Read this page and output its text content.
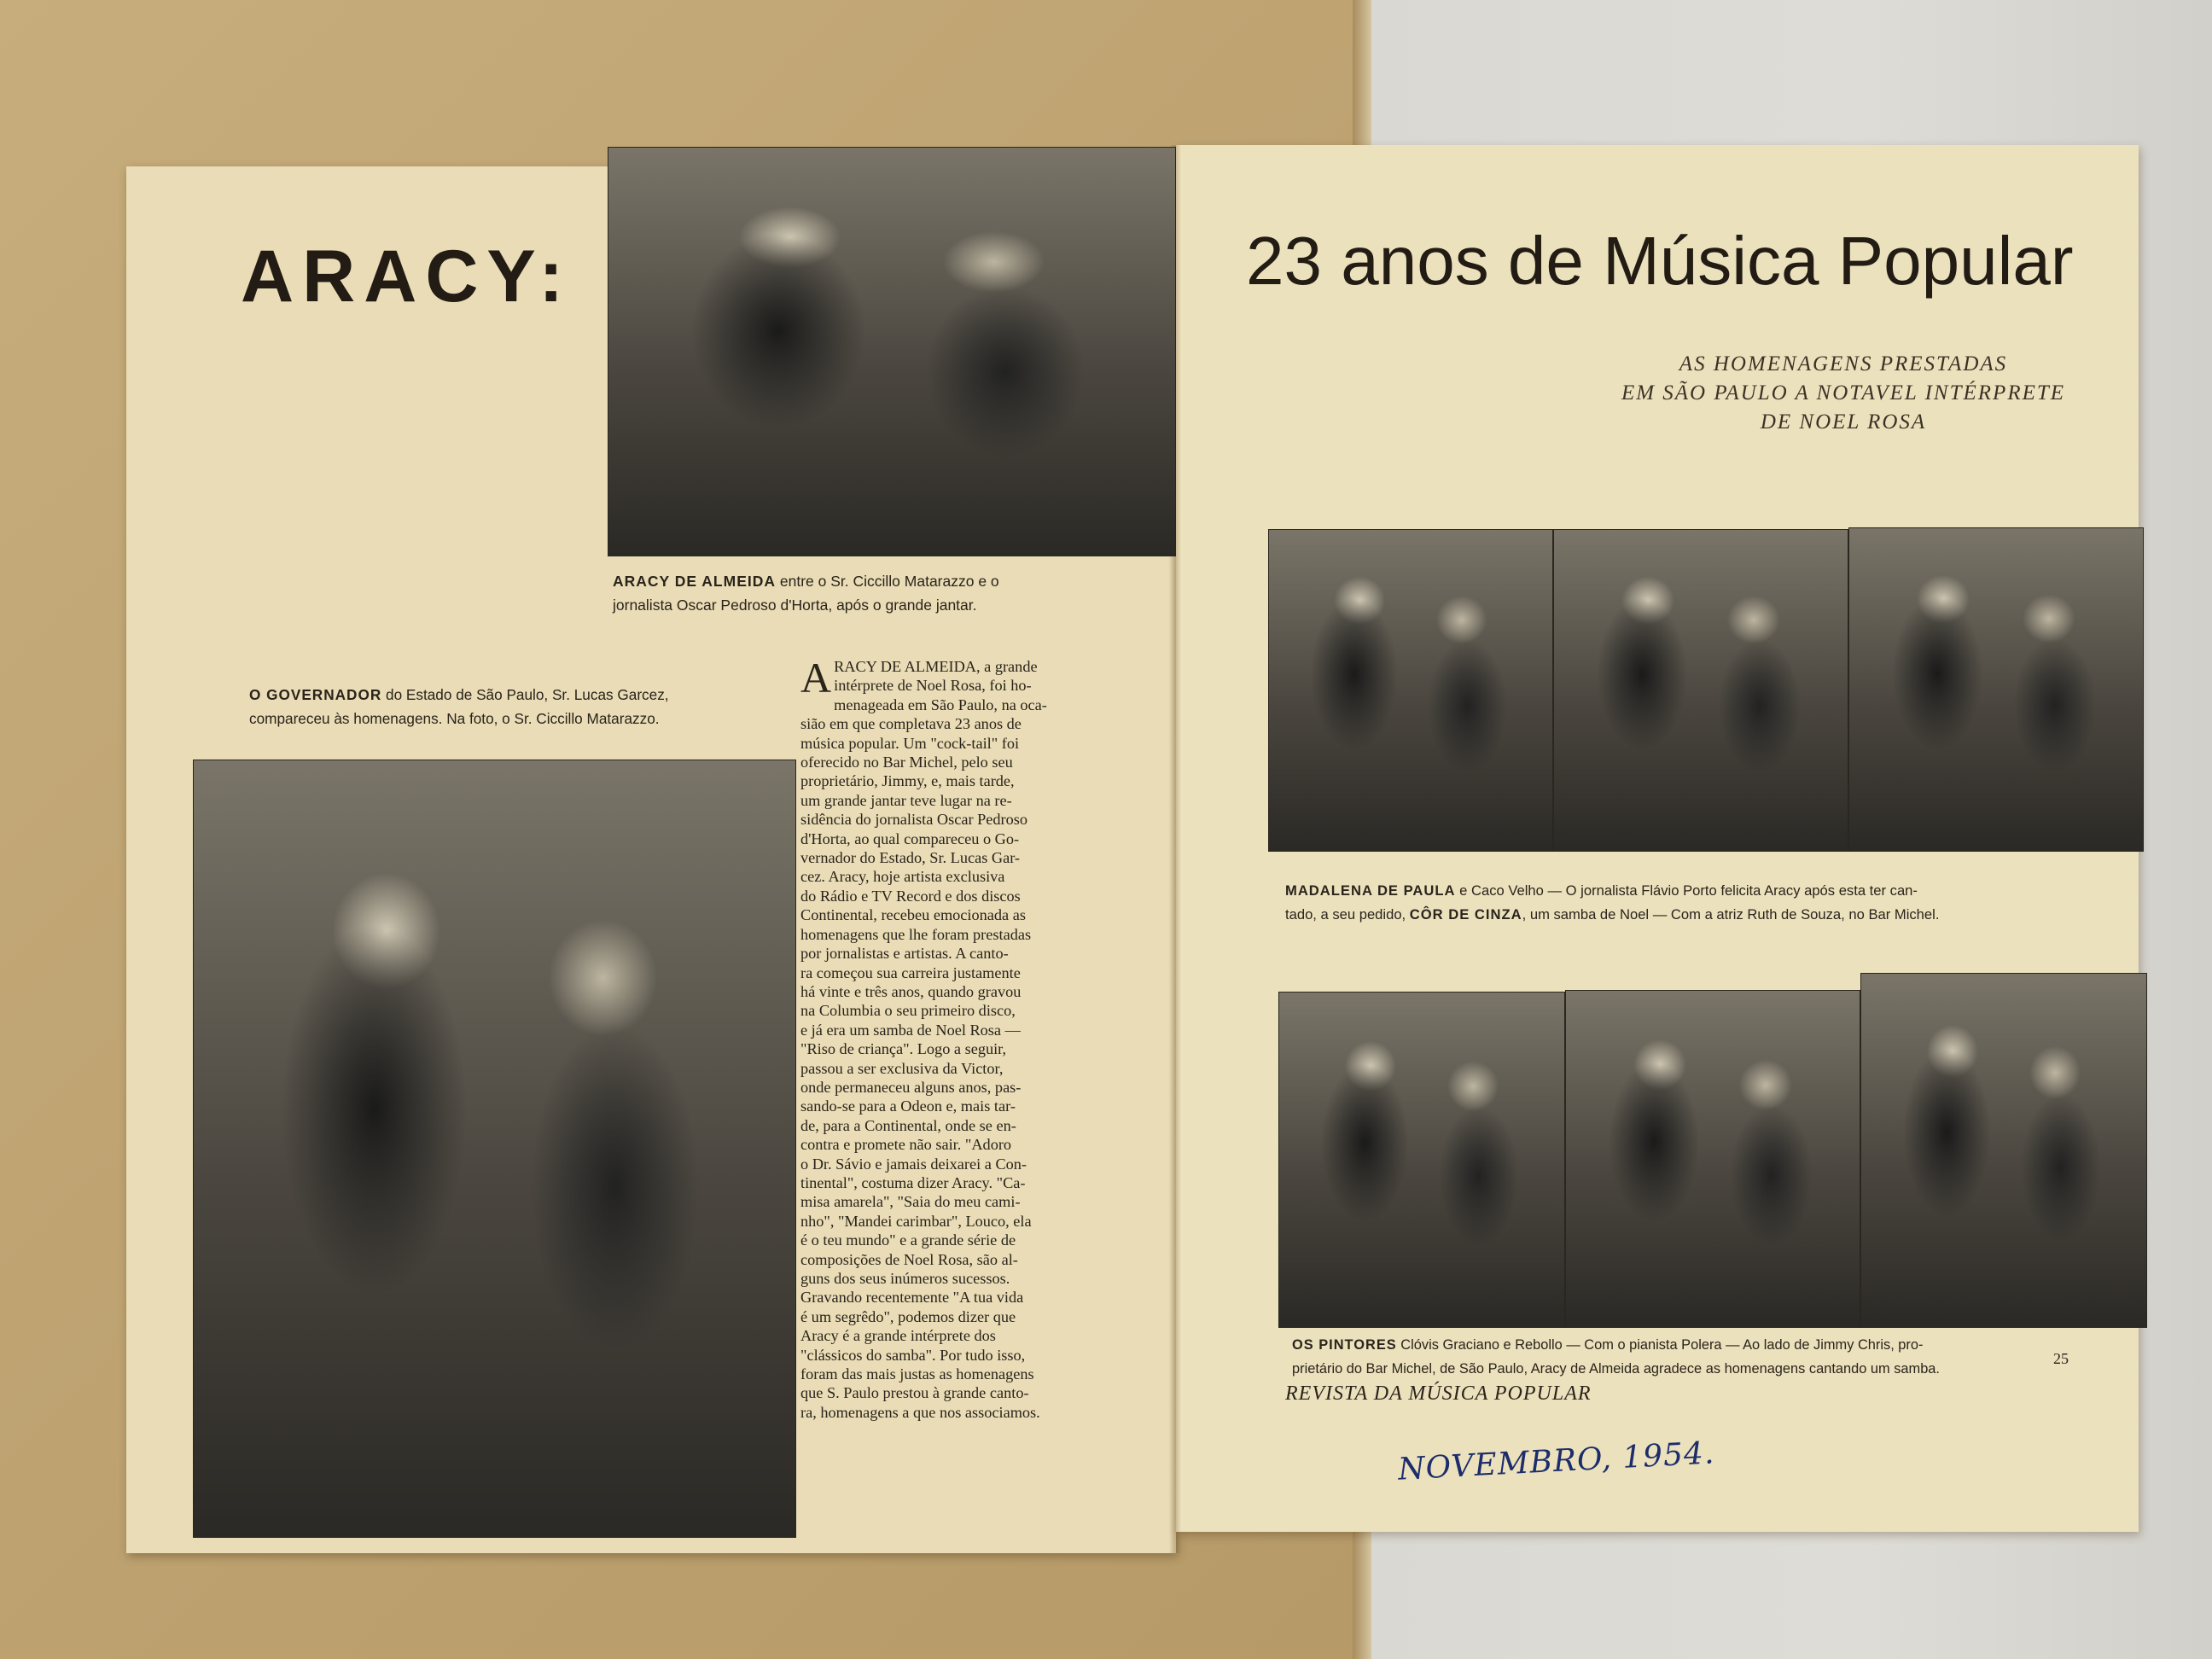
ARACY:	23 anos de Música Popular
AS HOMENAGENS PRESTADAS
EM SÃO PAULO A NOTAVEL INTÉRPRETE
DE NOEL ROSA
ARACY DE ALMEIDA entre o Sr. Ciccillo Matarazzo e o
jornalista Oscar Pedroso d'Horta, após o grande jantar.
O GOVERNADOR do Estado de São Paulo, Sr. Lucas Garcez,
compareceu às homenagens. Na foto, o Sr. Ciccillo Matarazzo.
MADALENA DE PAULA e Caco Velho — O jornalista Flávio Porto felicita Aracy após esta ter can-
tado, a seu pedido, CÔR DE CINZA, um samba de Noel — Com a atriz Ruth de Souza, no Bar Michel.
OS PINTORES Clóvis Graciano e Rebollo — Com o pianista Polera — Ao lado de Jimmy Chris, pro-
prietário do Bar Michel, de São Paulo, Aracy de Almeida agradece as homenagens cantando um samba.
ARACY DE ALMEIDA, a grande
intérprete de Noel Rosa, foi ho-
menageada em São Paulo, na oca-
sião em que completava 23 anos de
música popular. Um "cock-tail" foi
oferecido no Bar Michel, pelo seu
proprietário, Jimmy, e, mais tarde,
um grande jantar teve lugar na re-
sidência do jornalista Oscar Pedroso
d'Horta, ao qual compareceu o Go-
vernador do Estado, Sr. Lucas Gar-
cez. Aracy, hoje artista exclusiva
do Rádio e TV Record e dos discos
Continental, recebeu emocionada as
homenagens que lhe foram prestadas
por jornalistas e artistas. A canto-
ra começou sua carreira justamente
há vinte e três anos, quando gravou
na Columbia o seu primeiro disco,
e já era um samba de Noel Rosa —
"Riso de criança". Logo a seguir,
passou a ser exclusiva da Victor,
onde permaneceu alguns anos, pas-
sando-se para a Odeon e, mais tar-
de, para a Continental, onde se en-
contra e promete não sair. "Adoro
o Dr. Sávio e jamais deixarei a Con-
tinental", costuma dizer Aracy. "Ca-
misa amarela", "Saia do meu cami-
nho", "Mandei carimbar", Louco, ela
é o teu mundo" e a grande série de
composições de Noel Rosa, são al-
guns dos seus inúmeros sucessos.
Gravando recentemente "A tua vida
é um segrêdo", podemos dizer que
Aracy é a grande intérprete dos
"clássicos do samba". Por tudo isso,
foram das mais justas as homenagens
que S. Paulo prestou à grande canto-
ra, homenagens a que nos associamos.
25
REVISTA DA MÚSICA POPULAR
NOVEMBRO, 1954.
